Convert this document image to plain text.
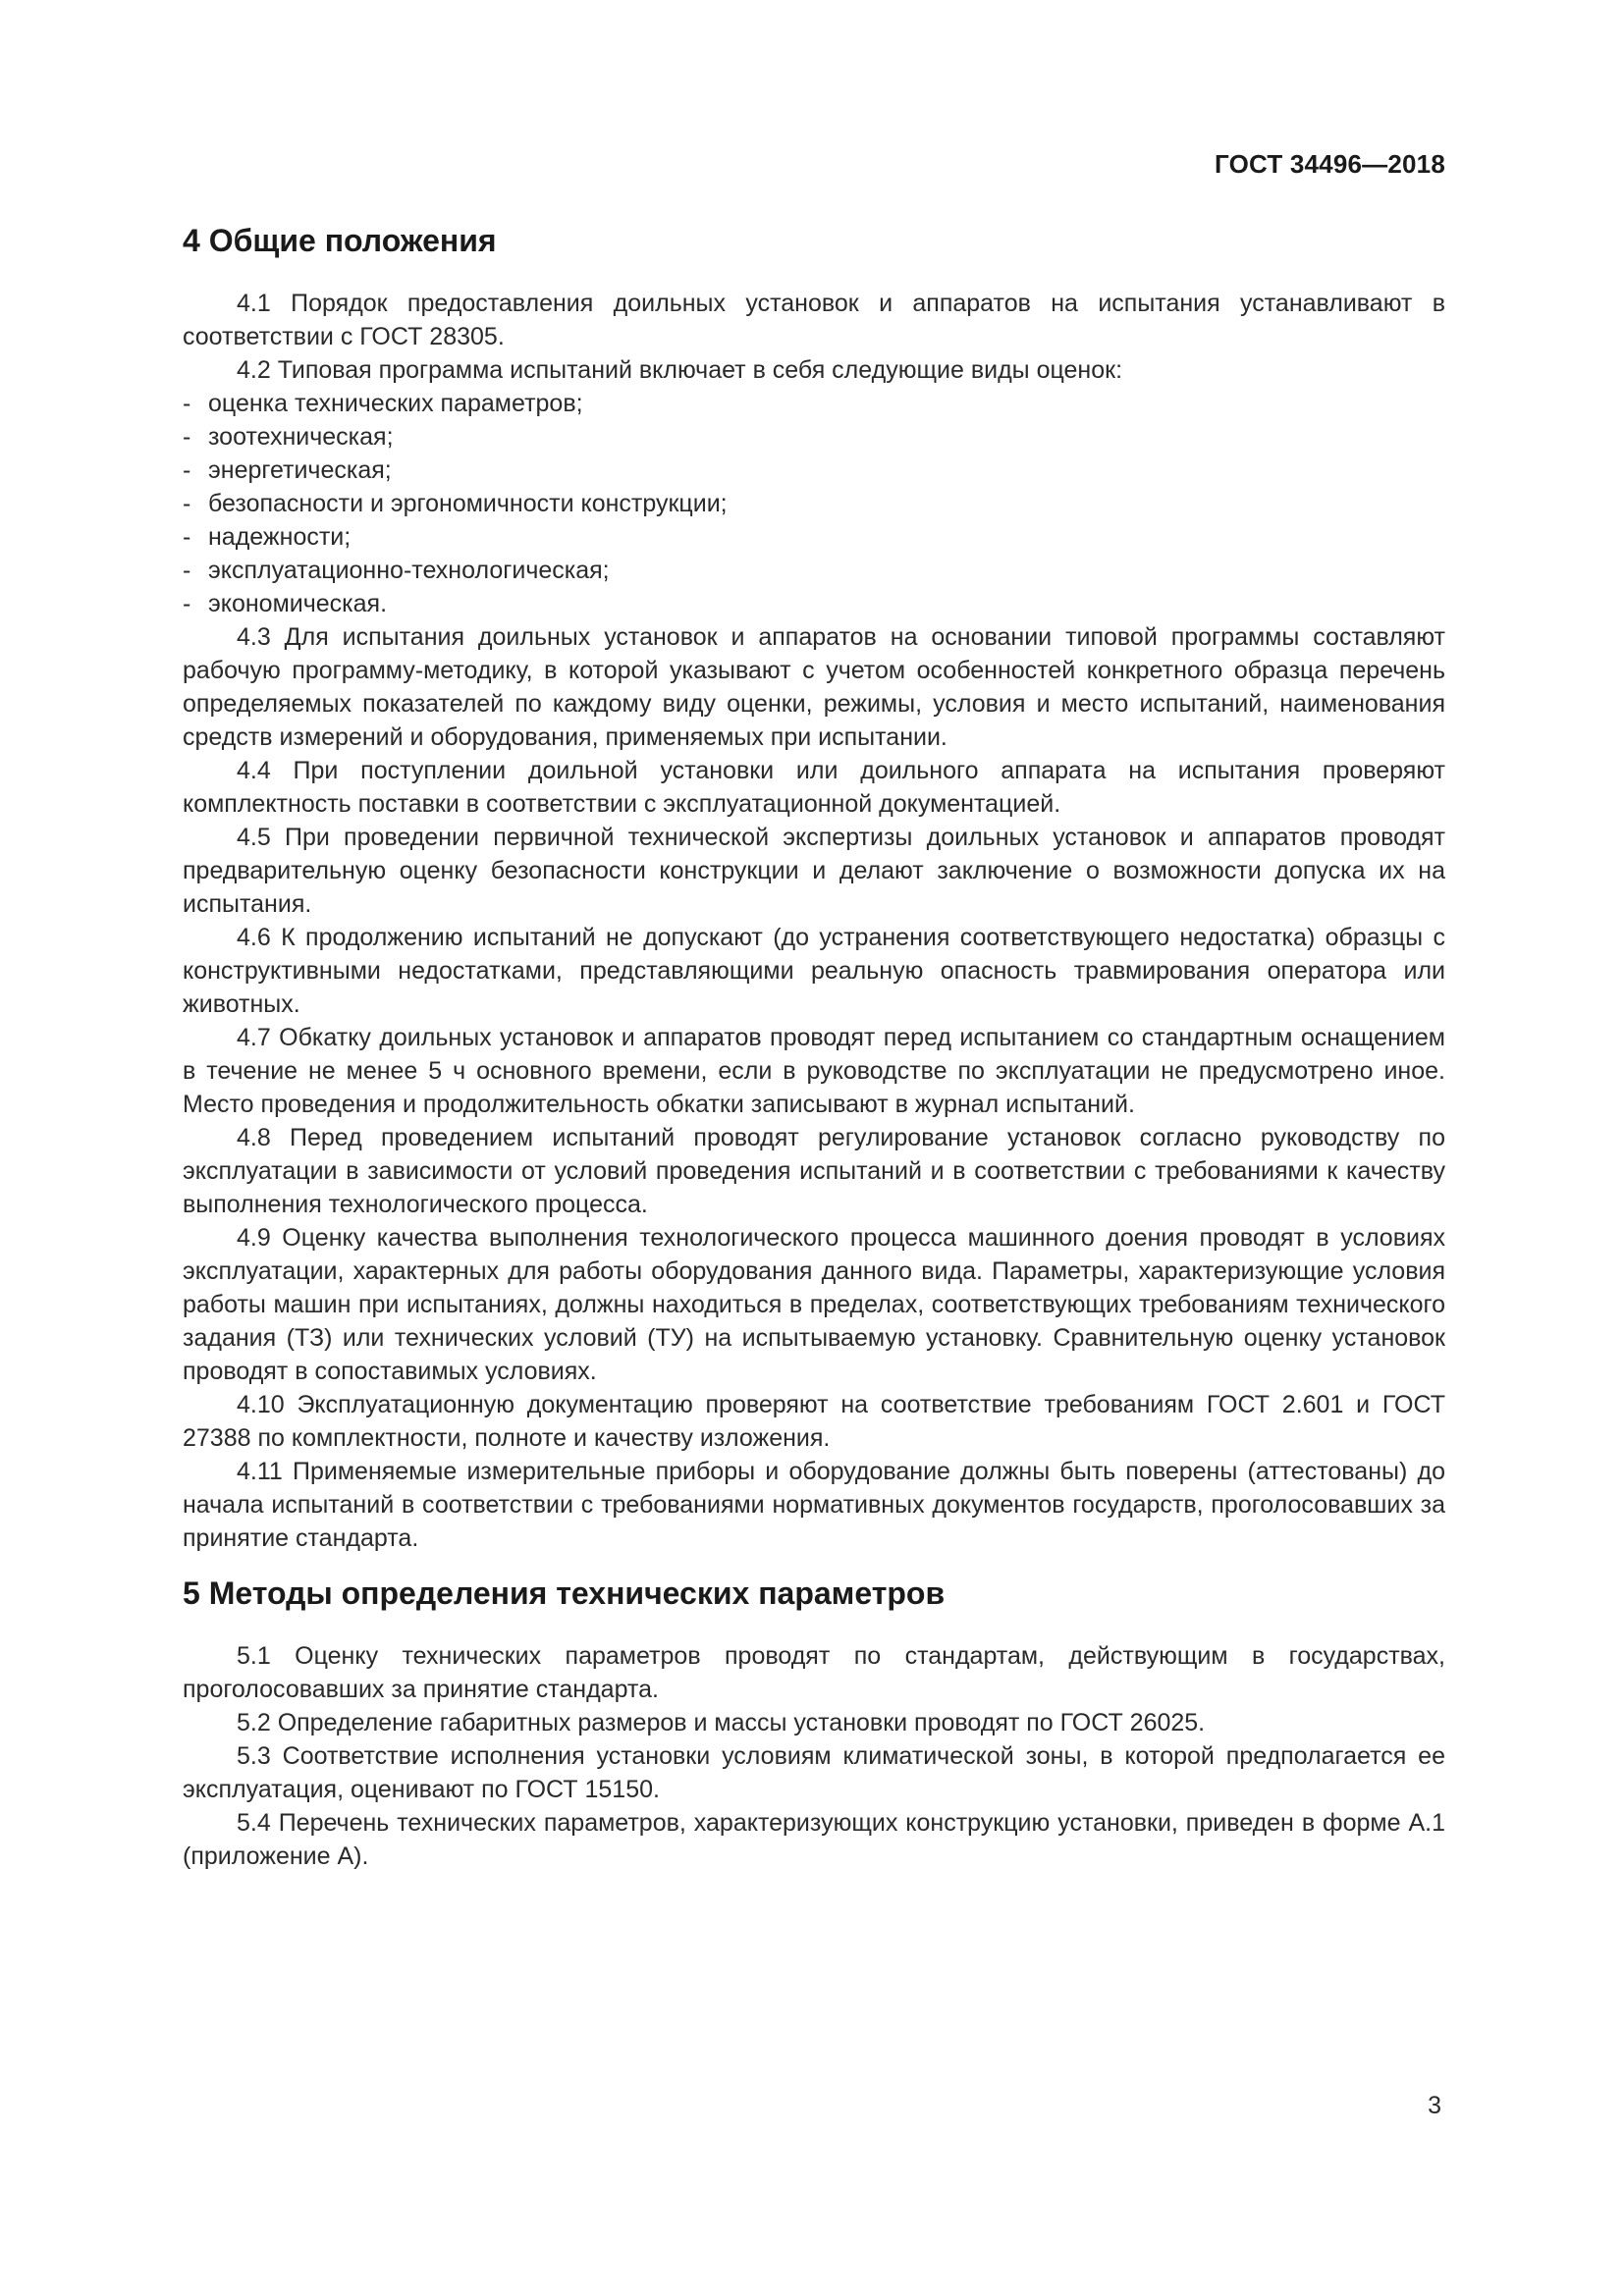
ГОСТ 34496—2018
4 Общие положения

4.1 Порядок предоставления доильных установок и аппаратов на испытания устанавливают в соответствии с ГОСТ 28305.

4.2 Типовая программа испытаний включает в себя следующие виды оценок:

- оценка технических параметров;
- зоотехническая;
- энергетическая;
- безопасности и эргономичности конструкции;
- надежности;
- эксплуатационно-технологическая;
- экономическая.

4.3 Для испытания доильных установок и аппаратов на основании типовой программы составляют рабочую программу-методику, в которой указывают с учетом особенностей конкретного образца перечень определяемых показателей по каждому виду оценки, режимы, условия и место испытаний, наименования средств измерений и оборудования, применяемых при испытании.

4.4 При поступлении доильной установки или доильного аппарата на испытания проверяют комплектность поставки в соответствии с эксплуатационной документацией.

4.5 При проведении первичной технической экспертизы доильных установок и аппаратов проводят предварительную оценку безопасности конструкции и делают заключение о возможности допуска их на испытания.

4.6 К продолжению испытаний не допускают (до устранения соответствующего недостатка) образцы с конструктивными недостатками, представляющими реальную опасность травмирования оператора или животных.

4.7 Обкатку доильных установок и аппаратов проводят перед испытанием со стандартным оснащением в течение не менее 5 ч основного времени, если в руководстве по эксплуатации не предусмотрено иное. Место проведения и продолжительность обкатки записывают в журнал испытаний.

4.8 Перед проведением испытаний проводят регулирование установок согласно руководству по эксплуатации в зависимости от условий проведения испытаний и в соответствии с требованиями к качеству выполнения технологического процесса.

4.9 Оценку качества выполнения технологического процесса машинного доения проводят в условиях эксплуатации, характерных для работы оборудования данного вида. Параметры, характеризующие условия работы машин при испытаниях, должны находиться в пределах, соответствующих требованиям технического задания (ТЗ) или технических условий (ТУ) на испытываемую установку. Сравнительную оценку установок проводят в сопоставимых условиях.

4.10 Эксплуатационную документацию проверяют на соответствие требованиям ГОСТ 2.601 и ГОСТ 27388 по комплектности, полноте и качеству изложения.

4.11 Применяемые измерительные приборы и оборудование должны быть поверены (аттестованы) до начала испытаний в соответствии с требованиями нормативных документов государств, проголосовавших за принятие стандарта.

5 Методы определения технических параметров

5.1 Оценку технических параметров проводят по стандартам, действующим в государствах, проголосовавших за принятие стандарта.

5.2 Определение габаритных размеров и массы установки проводят по ГОСТ 26025.

5.3 Соответствие исполнения установки условиям климатической зоны, в которой предполагается ее эксплуатация, оценивают по ГОСТ 15150.

5.4 Перечень технических параметров, характеризующих конструкцию установки, приведен в форме А.1 (приложение А).

3
